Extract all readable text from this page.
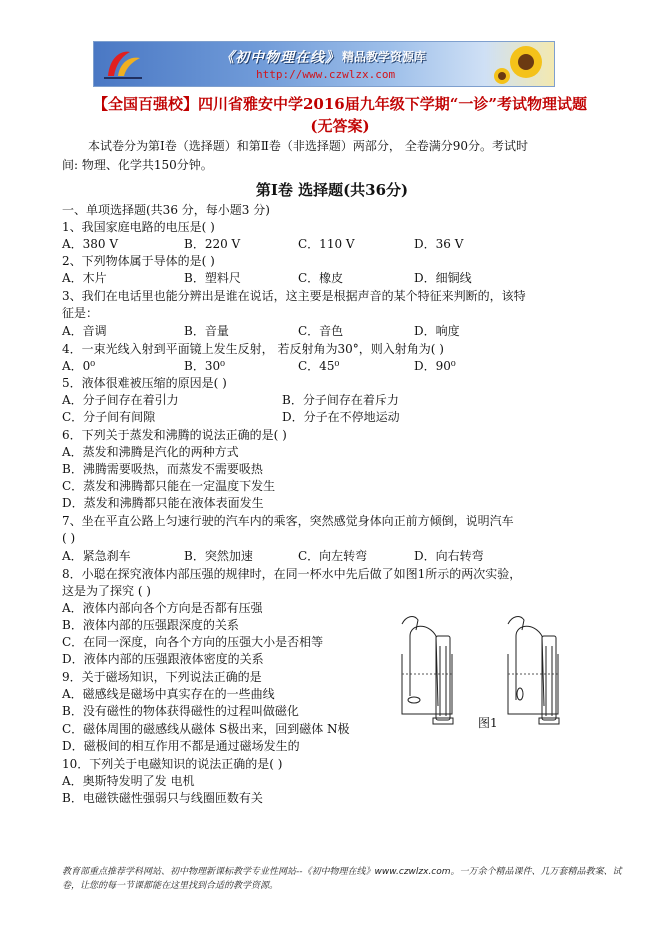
《初中物理在线》 精品教学资源库
http://www.czwlzx.com
【全国百强校】四川省雅安中学2016届九年级下学期“一诊”考试物理试题
(无答案)
本试卷分为第Ⅰ卷（选择题）和第Ⅱ卷（非选择题）两部分， 全卷满分90分。考试时
间: 物理、化学共150分钟。
第Ⅰ卷 选择题(共36分)
一、单项选择题(共36 分，每小题3 分)
1、我国家庭电路的电压是( )
A．380 V	B．220 V	C．110 V	D．36 V
2、下列物体属于导体的是( )
A．木片	B．塑料尺	C．橡皮	D．细铜线
3、我们在电话里也能分辨出是谁在说话，这主要是根据声音的某个特征来判断的，该特
征是：
A．音调	B．音量	C．音色	D．响度
4．一束光线入射到平面镜上发生反射， 若反射角为30°，则入射角为( )
A．0⁰	B．30⁰	C．45⁰	D．90⁰
5．液体很难被压缩的原因是( )
A．分子间存在着引力	B．分子间存在着斥力
C．分子间有间隙	D．分子在不停地运动
6．下列关于蒸发和沸腾的说法正确的是( )
A．蒸发和沸腾是汽化的两种方式
B．沸腾需要吸热，而蒸发不需要吸热
C．蒸发和沸腾都只能在一定温度下发生
D．蒸发和沸腾都只能在液体表面发生
7、坐在平直公路上匀速行驶的汽车内的乘客，突然感觉身体向正前方倾倒，说明汽车
( )
A．紧急刹车	B．突然加速	C．向左转弯	D．向右转弯
8．小聪在探究液体内部压强的规律时，在同一杯水中先后做了如图1所示的两次实验，
这是为了探究 ( )
A．液体内部向各个方向是否都有压强
B．液体内部的压强跟深度的关系
C．在同一深度，向各个方向的压强大小是否相等
D．液体内部的压强跟液体密度的关系
9．关于磁场知识，下列说法正确的是
A．磁感线是磁场中真实存在的一些曲线
B．没有磁性的物体获得磁性的过程叫做磁化
C．磁体周围的磁感线从磁体 S极出来，回到磁体 N极
D．磁极间的相互作用不都是通过磁场发生的
10．下列关于电磁知识的说法正确的是( )
A．奥斯特发明了发 电机
B．电磁铁磁性强弱只与线圈匝数有关
图1
教育部重点推荐学科网站、初中物理新课标教学专业性网站--《初中物理在线》www.czwlzx.com。一万余个精品课件、几万套精品教案、试卷，让您的每一节课都能在这里找到合适的教学资源。
